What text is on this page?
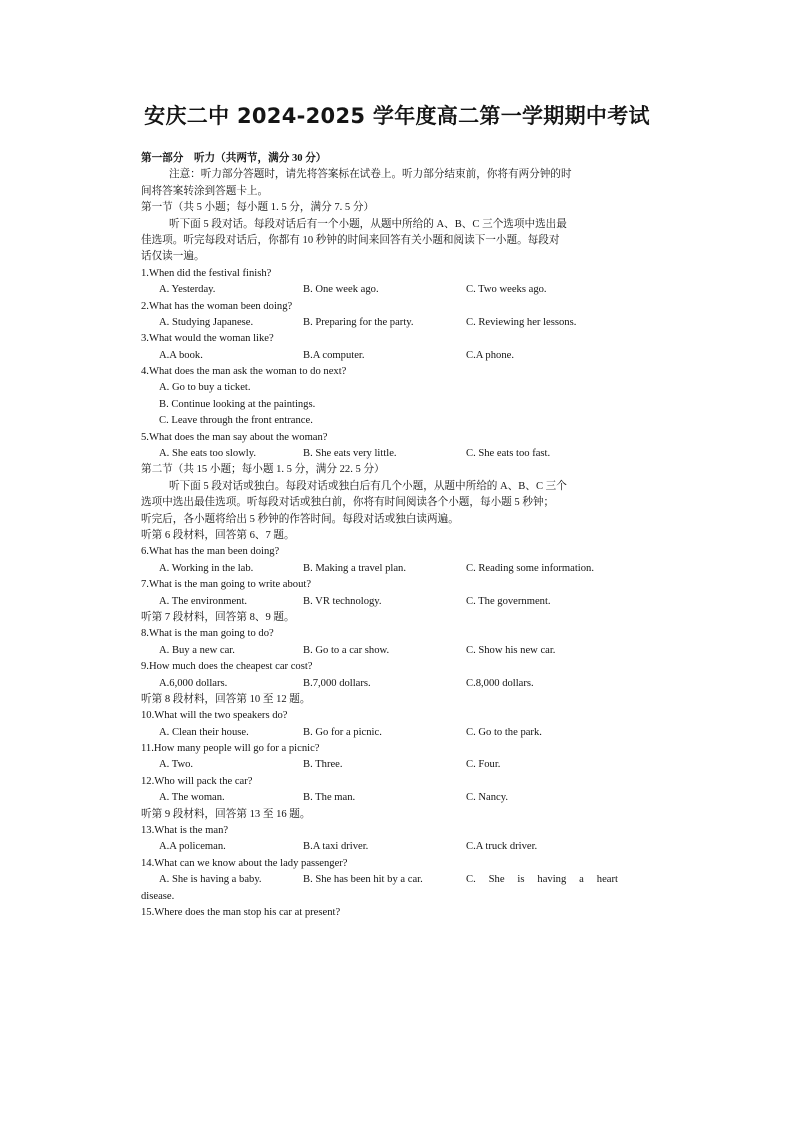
安庆二中 2024-2025 学年度高二第一学期期中考试
第一部分　听力（共两节，满分 30 分）
注意：听力部分答题时，请先将答案标在试卷上。听力部分结束前，你将有两分钟的时
间将答案转涂到答题卡上。
第一节（共 5 小题；每小题 1. 5 分，满分 7. 5 分）
听下面 5 段对话。每段对话后有一个小题，从题中所给的 A、B、C 三个选项中选出最
佳选项。听完每段对话后，你都有 10 秒钟的时间来回答有关小题和阅读下一小题。每段对
话仅读一遍。
1.When did the festival finish?
A. Yesterday.	B. One week ago.	C. Two weeks ago.
2.What has the woman been doing?
A. Studying Japanese.	B. Preparing for the party.	C. Reviewing her lessons.
3.What would the woman like?
A.A book.	B.A computer.	C.A phone.
4.What does the man ask the woman to do next?
A. Go to buy a ticket.
B. Continue looking at the paintings.
C. Leave through the front entrance.
5.What does the man say about the woman?
A. She eats too slowly.	B. She eats very little.	C. She eats too fast.
第二节（共 15 小题；每小题 1. 5 分，满分 22. 5 分）
听下面 5 段对话或独白。每段对话或独白后有几个小题，从题中所给的 A、B、C 三个
选项中选出最佳选项。听每段对话或独白前，你将有时间阅读各个小题，每小题 5 秒钟；
听完后，各小题将给出 5 秒钟的作答时间。每段对话或独白读两遍。
听第 6 段材料，回答第 6、7 题。
6.What has the man been doing?
A. Working in the lab.	B. Making a travel plan.	C. Reading some information.
7.What is the man going to write about?
A. The environment.	B. VR technology.	C. The government.
听第 7 段材料，回答第 8、9 题。
8.What is the man going to do?
A. Buy a new car.	B. Go to a car show.	C. Show his new car.
9.How much does the cheapest car cost?
A.6,000 dollars.	B.7,000 dollars.	C.8,000 dollars.
听第 8 段材料，回答第 10 至 12 题。
10.What will the two speakers do?
A. Clean their house.	B. Go for a picnic.	C. Go to the park.
11.How many people will go for a picnic?
A. Two.	B. Three.	C. Four.
12.Who will pack the car?
A. The woman.	B. The man.	C. Nancy.
听第 9 段材料，回答第 13 至 16 题。
13.What is the man?
A.A policeman.	B.A taxi driver.	C.A truck driver.
14.What can we know about the lady passenger?
A. She is having a baby.	B. She has been hit by a car.	C. She is having a heart
disease.
15.Where does the man stop his car at present?
